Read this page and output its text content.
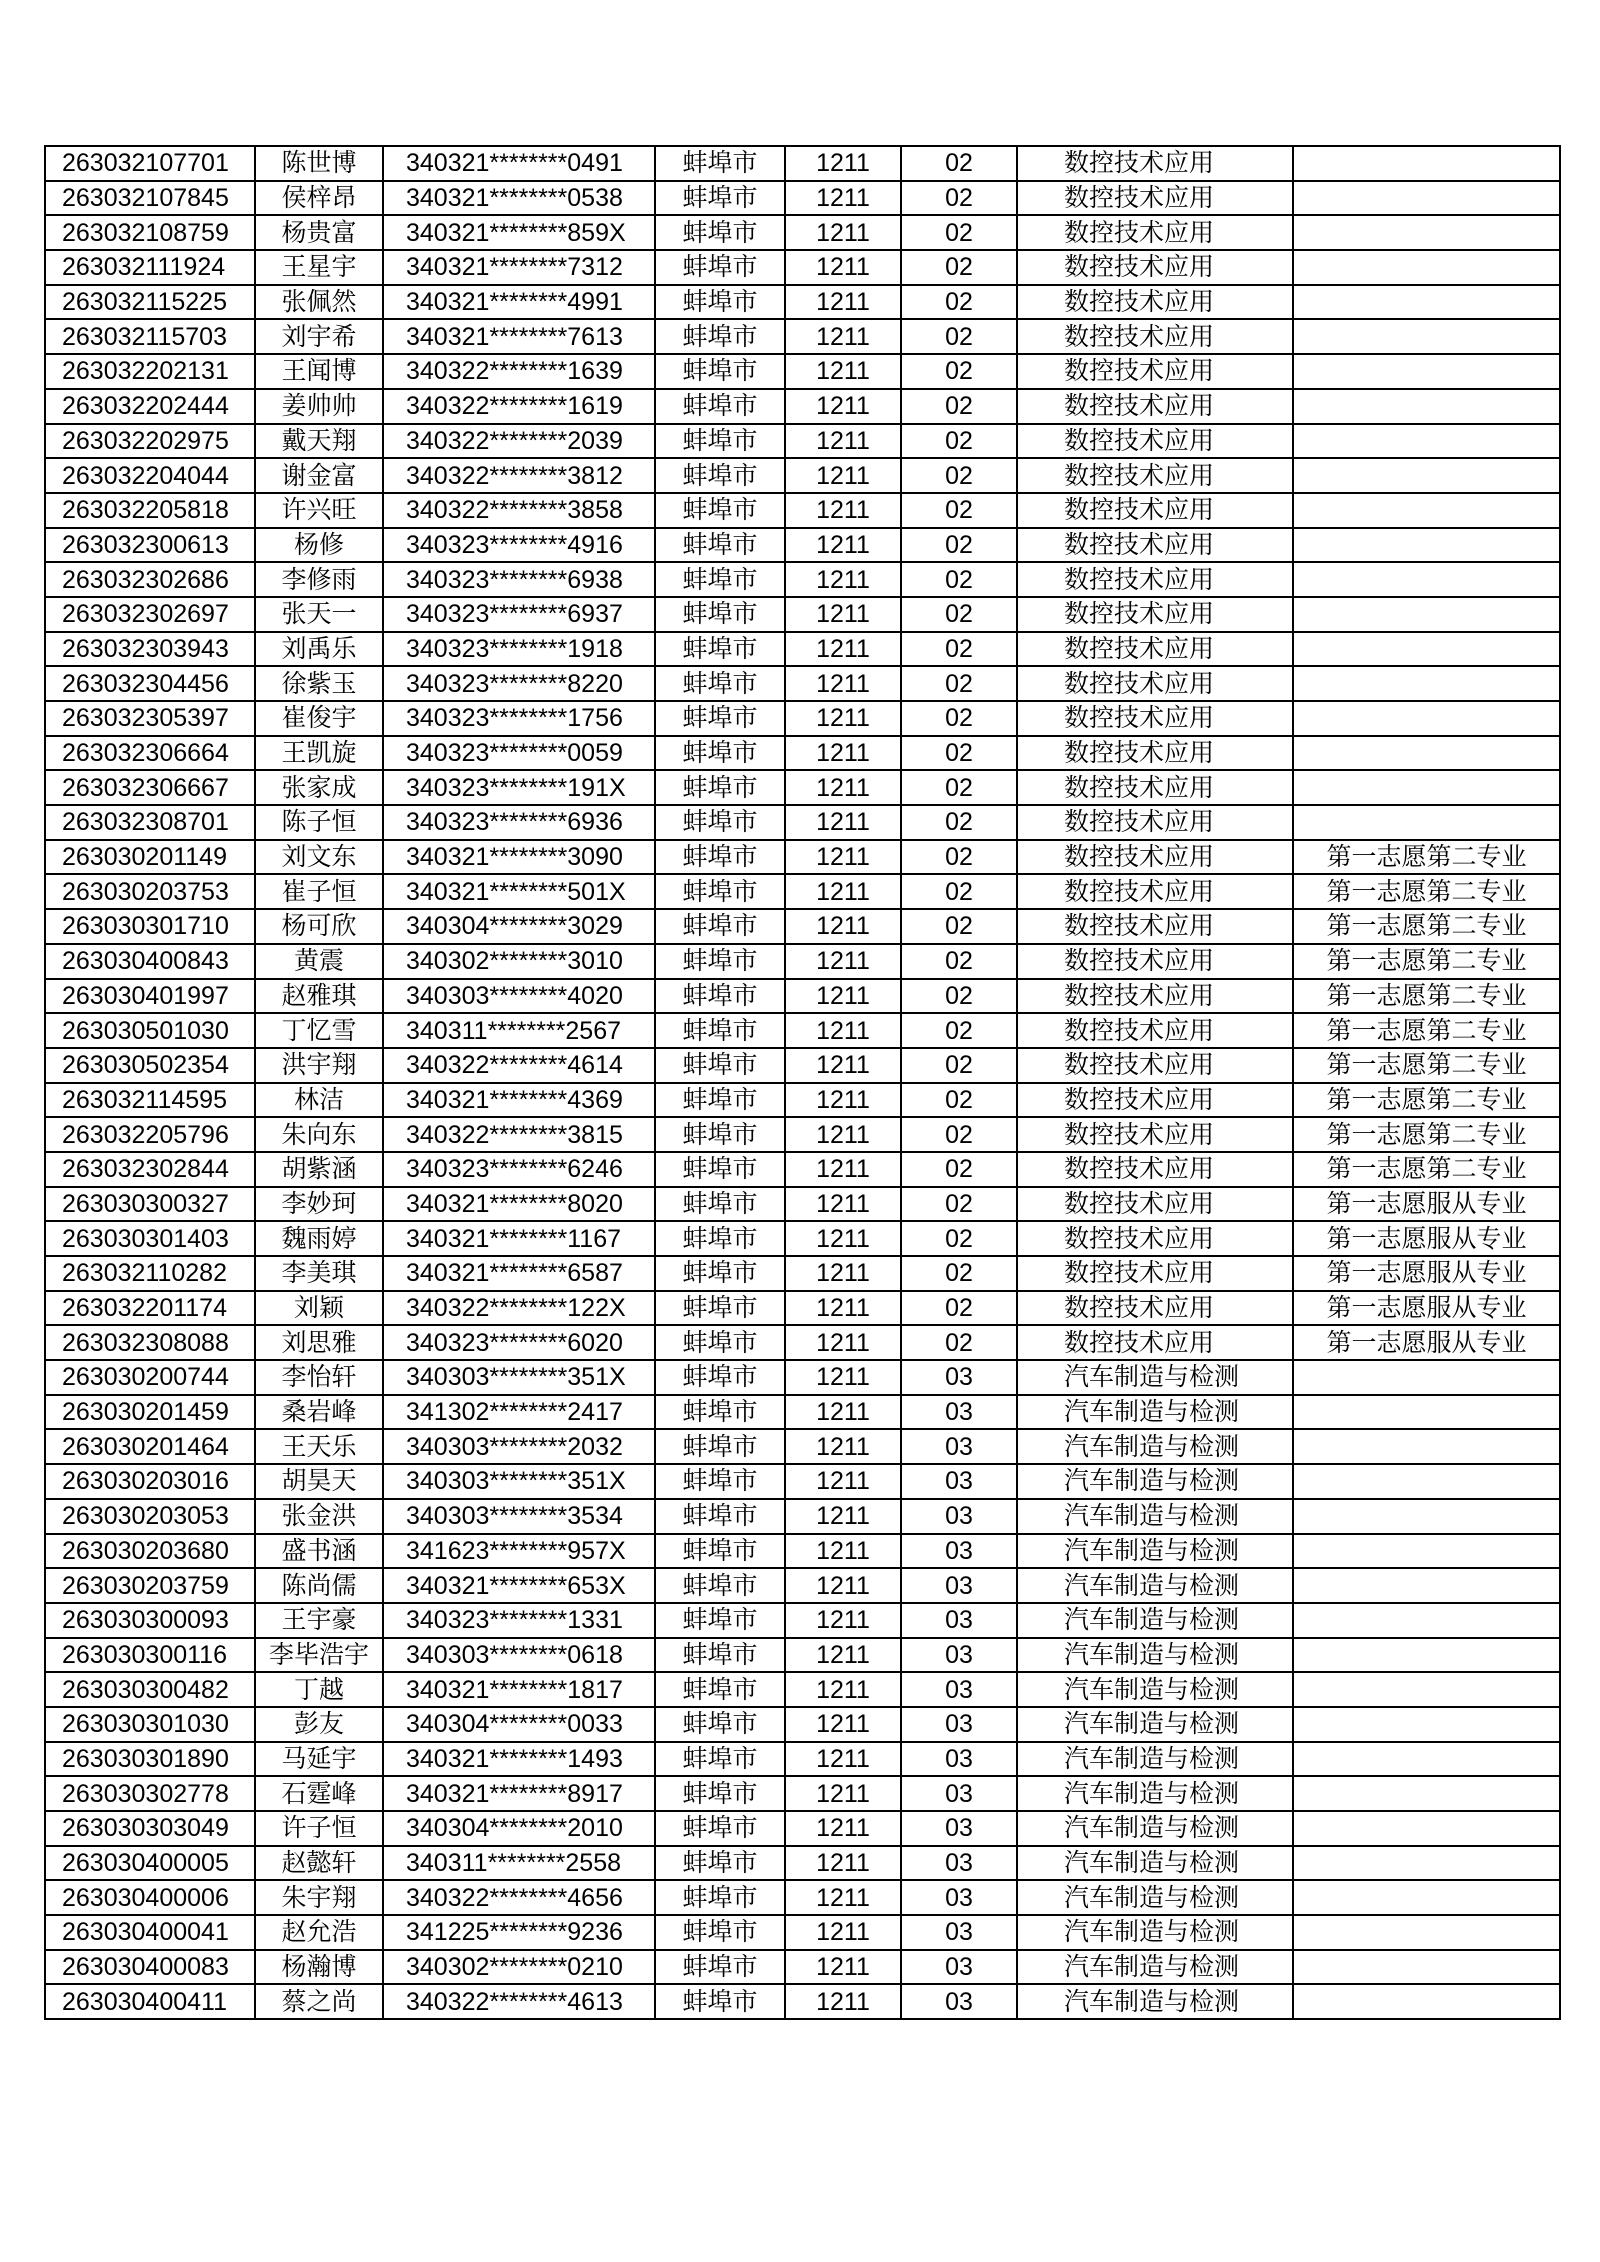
263032107701	陈世博	340321********0491	蚌埠市	1211	02	数控技术应用	
263032107845	侯梓昂	340321********0538	蚌埠市	1211	02	数控技术应用	
263032108759	杨贵富	340321********859X	蚌埠市	1211	02	数控技术应用	
263032111924	王星宇	340321********7312	蚌埠市	1211	02	数控技术应用	
263032115225	张佩然	340321********4991	蚌埠市	1211	02	数控技术应用	
263032115703	刘宇希	340321********7613	蚌埠市	1211	02	数控技术应用	
263032202131	王闻博	340322********1639	蚌埠市	1211	02	数控技术应用	
263032202444	姜帅帅	340322********1619	蚌埠市	1211	02	数控技术应用	
263032202975	戴天翔	340322********2039	蚌埠市	1211	02	数控技术应用	
263032204044	谢金富	340322********3812	蚌埠市	1211	02	数控技术应用	
263032205818	许兴旺	340322********3858	蚌埠市	1211	02	数控技术应用	
263032300613	杨修	340323********4916	蚌埠市	1211	02	数控技术应用	
263032302686	李修雨	340323********6938	蚌埠市	1211	02	数控技术应用	
263032302697	张天一	340323********6937	蚌埠市	1211	02	数控技术应用	
263032303943	刘禹乐	340323********1918	蚌埠市	1211	02	数控技术应用	
263032304456	徐紫玉	340323********8220	蚌埠市	1211	02	数控技术应用	
263032305397	崔俊宇	340323********1756	蚌埠市	1211	02	数控技术应用	
263032306664	王凯旋	340323********0059	蚌埠市	1211	02	数控技术应用	
263032306667	张家成	340323********191X	蚌埠市	1211	02	数控技术应用	
263032308701	陈子恒	340323********6936	蚌埠市	1211	02	数控技术应用	
263030201149	刘文东	340321********3090	蚌埠市	1211	02	数控技术应用	第一志愿第二专业
263030203753	崔子恒	340321********501X	蚌埠市	1211	02	数控技术应用	第一志愿第二专业
263030301710	杨可欣	340304********3029	蚌埠市	1211	02	数控技术应用	第一志愿第二专业
263030400843	黄震	340302********3010	蚌埠市	1211	02	数控技术应用	第一志愿第二专业
263030401997	赵雅琪	340303********4020	蚌埠市	1211	02	数控技术应用	第一志愿第二专业
263030501030	丁忆雪	340311********2567	蚌埠市	1211	02	数控技术应用	第一志愿第二专业
263030502354	洪宇翔	340322********4614	蚌埠市	1211	02	数控技术应用	第一志愿第二专业
263032114595	林洁	340321********4369	蚌埠市	1211	02	数控技术应用	第一志愿第二专业
263032205796	朱向东	340322********3815	蚌埠市	1211	02	数控技术应用	第一志愿第二专业
263032302844	胡紫涵	340323********6246	蚌埠市	1211	02	数控技术应用	第一志愿第二专业
263030300327	李妙珂	340321********8020	蚌埠市	1211	02	数控技术应用	第一志愿服从专业
263030301403	魏雨婷	340321********1167	蚌埠市	1211	02	数控技术应用	第一志愿服从专业
263032110282	李美琪	340321********6587	蚌埠市	1211	02	数控技术应用	第一志愿服从专业
263032201174	刘颖	340322********122X	蚌埠市	1211	02	数控技术应用	第一志愿服从专业
263032308088	刘思雅	340323********6020	蚌埠市	1211	02	数控技术应用	第一志愿服从专业
263030200744	李怡轩	340303********351X	蚌埠市	1211	03	汽车制造与检测	
263030201459	桑岩峰	341302********2417	蚌埠市	1211	03	汽车制造与检测	
263030201464	王天乐	340303********2032	蚌埠市	1211	03	汽车制造与检测	
263030203016	胡昊天	340303********351X	蚌埠市	1211	03	汽车制造与检测	
263030203053	张金洪	340303********3534	蚌埠市	1211	03	汽车制造与检测	
263030203680	盛书涵	341623********957X	蚌埠市	1211	03	汽车制造与检测	
263030203759	陈尚儒	340321********653X	蚌埠市	1211	03	汽车制造与检测	
263030300093	王宇豪	340323********1331	蚌埠市	1211	03	汽车制造与检测	
263030300116	李毕浩宇	340303********0618	蚌埠市	1211	03	汽车制造与检测	
263030300482	丁越	340321********1817	蚌埠市	1211	03	汽车制造与检测	
263030301030	彭友	340304********0033	蚌埠市	1211	03	汽车制造与检测	
263030301890	马延宇	340321********1493	蚌埠市	1211	03	汽车制造与检测	
263030302778	石霆峰	340321********8917	蚌埠市	1211	03	汽车制造与检测	
263030303049	许子恒	340304********2010	蚌埠市	1211	03	汽车制造与检测	
263030400005	赵懿轩	340311********2558	蚌埠市	1211	03	汽车制造与检测	
263030400006	朱宇翔	340322********4656	蚌埠市	1211	03	汽车制造与检测	
263030400041	赵允浩	341225********9236	蚌埠市	1211	03	汽车制造与检测	
263030400083	杨瀚博	340302********0210	蚌埠市	1211	03	汽车制造与检测	
263030400411	蔡之尚	340322********4613	蚌埠市	1211	03	汽车制造与检测	
